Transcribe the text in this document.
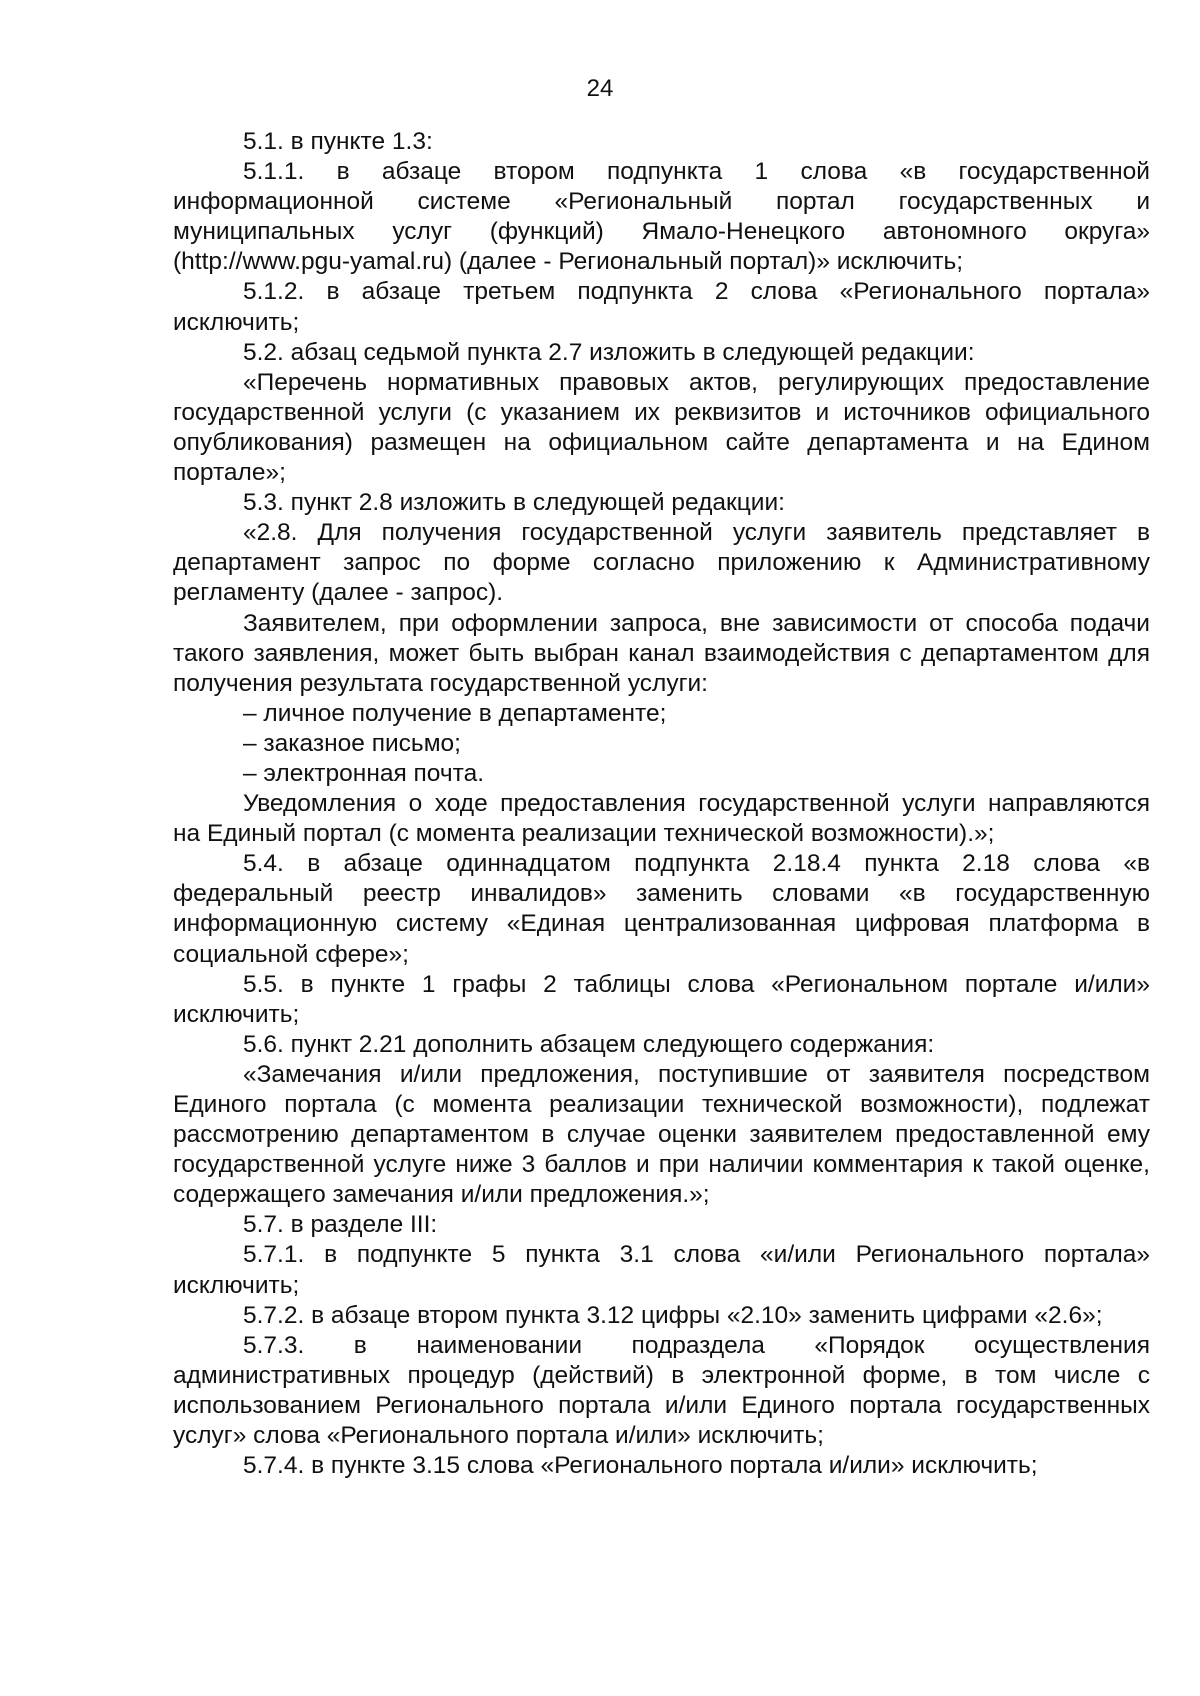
24

5.1. в пункте 1.3:

5.1.1. в абзаце втором подпункта 1 слова «в государственной информационной системе «Региональный портал государственных и муниципальных услуг (функций) Ямало-Ненецкого автономного округа» (http://www.pgu-yamal.ru) (далее - Региональный портал)» исключить;

5.1.2. в абзаце третьем подпункта 2 слова «Регионального портала» исключить;

5.2. абзац седьмой пункта 2.7 изложить в следующей редакции:

«Перечень нормативных правовых актов, регулирующих предоставление государственной услуги (с указанием их реквизитов и источников официального опубликования) размещен на официальном сайте департамента и на Едином портале»;

5.3. пункт 2.8 изложить в следующей редакции:

«2.8. Для получения государственной услуги заявитель представляет в департамент запрос по форме согласно приложению к Административному регламенту (далее - запрос).

Заявителем, при оформлении запроса, вне зависимости от способа подачи такого заявления, может быть выбран канал взаимодействия с департаментом для получения результата государственной услуги:

– личное получение в департаменте;

– заказное письмо;

– электронная почта.

Уведомления о ходе предоставления государственной услуги направляются на Единый портал (с момента реализации технической возможности).»;

5.4. в абзаце одиннадцатом подпункта 2.18.4 пункта 2.18 слова «в федеральный реестр инвалидов» заменить словами «в государственную информационную систему «Единая централизованная цифровая платформа в социальной сфере»;

5.5. в пункте 1 графы 2 таблицы слова «Региональном портале и/или» исключить;

5.6. пункт 2.21 дополнить абзацем следующего содержания:

«Замечания и/или предложения, поступившие от заявителя посредством Единого портала (с момента реализации технической возможности), подлежат рассмотрению департаментом в случае оценки заявителем предоставленной ему государственной услуге ниже 3 баллов и при наличии комментария к такой оценке, содержащего замечания и/или предложения.»;

5.7. в разделе III:

5.7.1. в подпункте 5 пункта 3.1 слова «и/или Регионального портала» исключить;

5.7.2. в абзаце втором пункта 3.12 цифры «2.10» заменить цифрами «2.6»;

5.7.3. в наименовании подраздела «Порядок осуществления административных процедур (действий) в электронной форме, в том числе с использованием Регионального портала и/или Единого портала государственных услуг» слова «Регионального портала и/или» исключить;

5.7.4. в пункте 3.15 слова «Регионального портала и/или» исключить;
